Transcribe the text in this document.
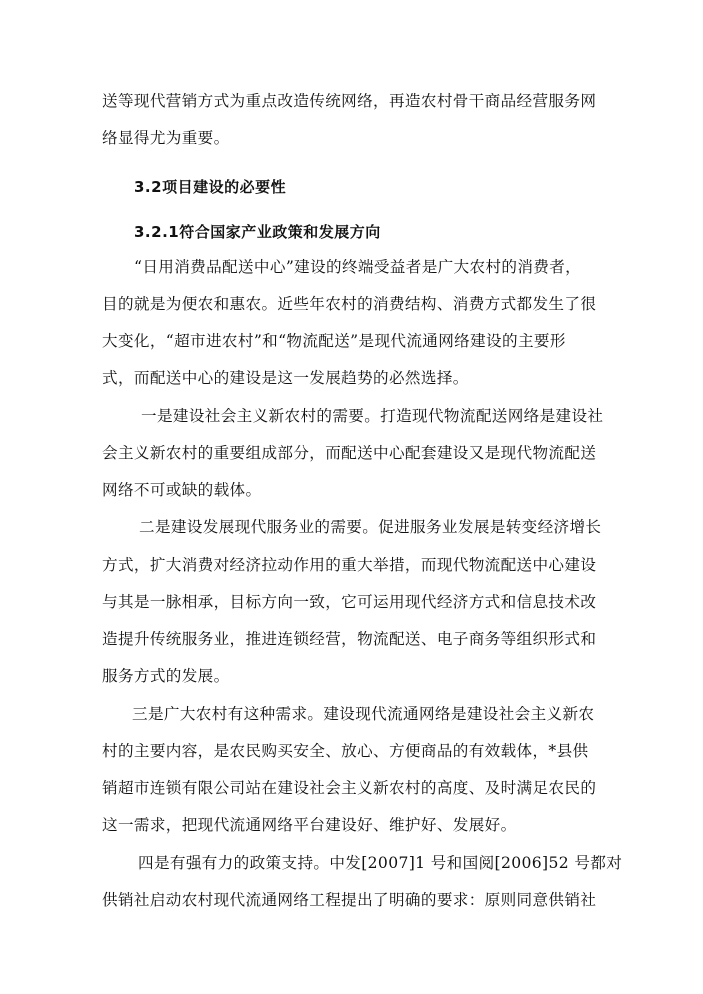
送等现代营销方式为重点改造传统网络，再造农村骨干商品经营服务网
络显得尤为重要。
3.2项目建设的必要性
3.2.1符合国家产业政策和发展方向
“日用消费品配送中心”建设的终端受益者是广大农村的消费者，
目的就是为便农和惠农。近些年农村的消费结构、消费方式都发生了很
大变化，“超市进农村”和“物流配送”是现代流通网络建设的主要形
式，而配送中心的建设是这一发展趋势的必然选择。
一是建设社会主义新农村的需要。打造现代物流配送网络是建设社
会主义新农村的重要组成部分，而配送中心配套建设又是现代物流配送
网络不可或缺的载体。
二是建设发展现代服务业的需要。促进服务业发展是转变经济增长
方式，扩大消费对经济拉动作用的重大举措，而现代物流配送中心建设
与其是一脉相承，目标方向一致，它可运用现代经济方式和信息技术改
造提升传统服务业，推进连锁经营，物流配送、电子商务等组织形式和
服务方式的发展。
三是广大农村有这种需求。建设现代流通网络是建设社会主义新农
村的主要内容，是农民购买安全、放心、方便商品的有效载体，*县供
销超市连锁有限公司站在建设社会主义新农村的高度、及时满足农民的
这一需求，把现代流通网络平台建设好、维护好、发展好。
四是有强有力的政策支持。中发[2007]1 号和国阅[2006]52 号都对
供销社启动农村现代流通网络工程提出了明确的要求：原则同意供销社
